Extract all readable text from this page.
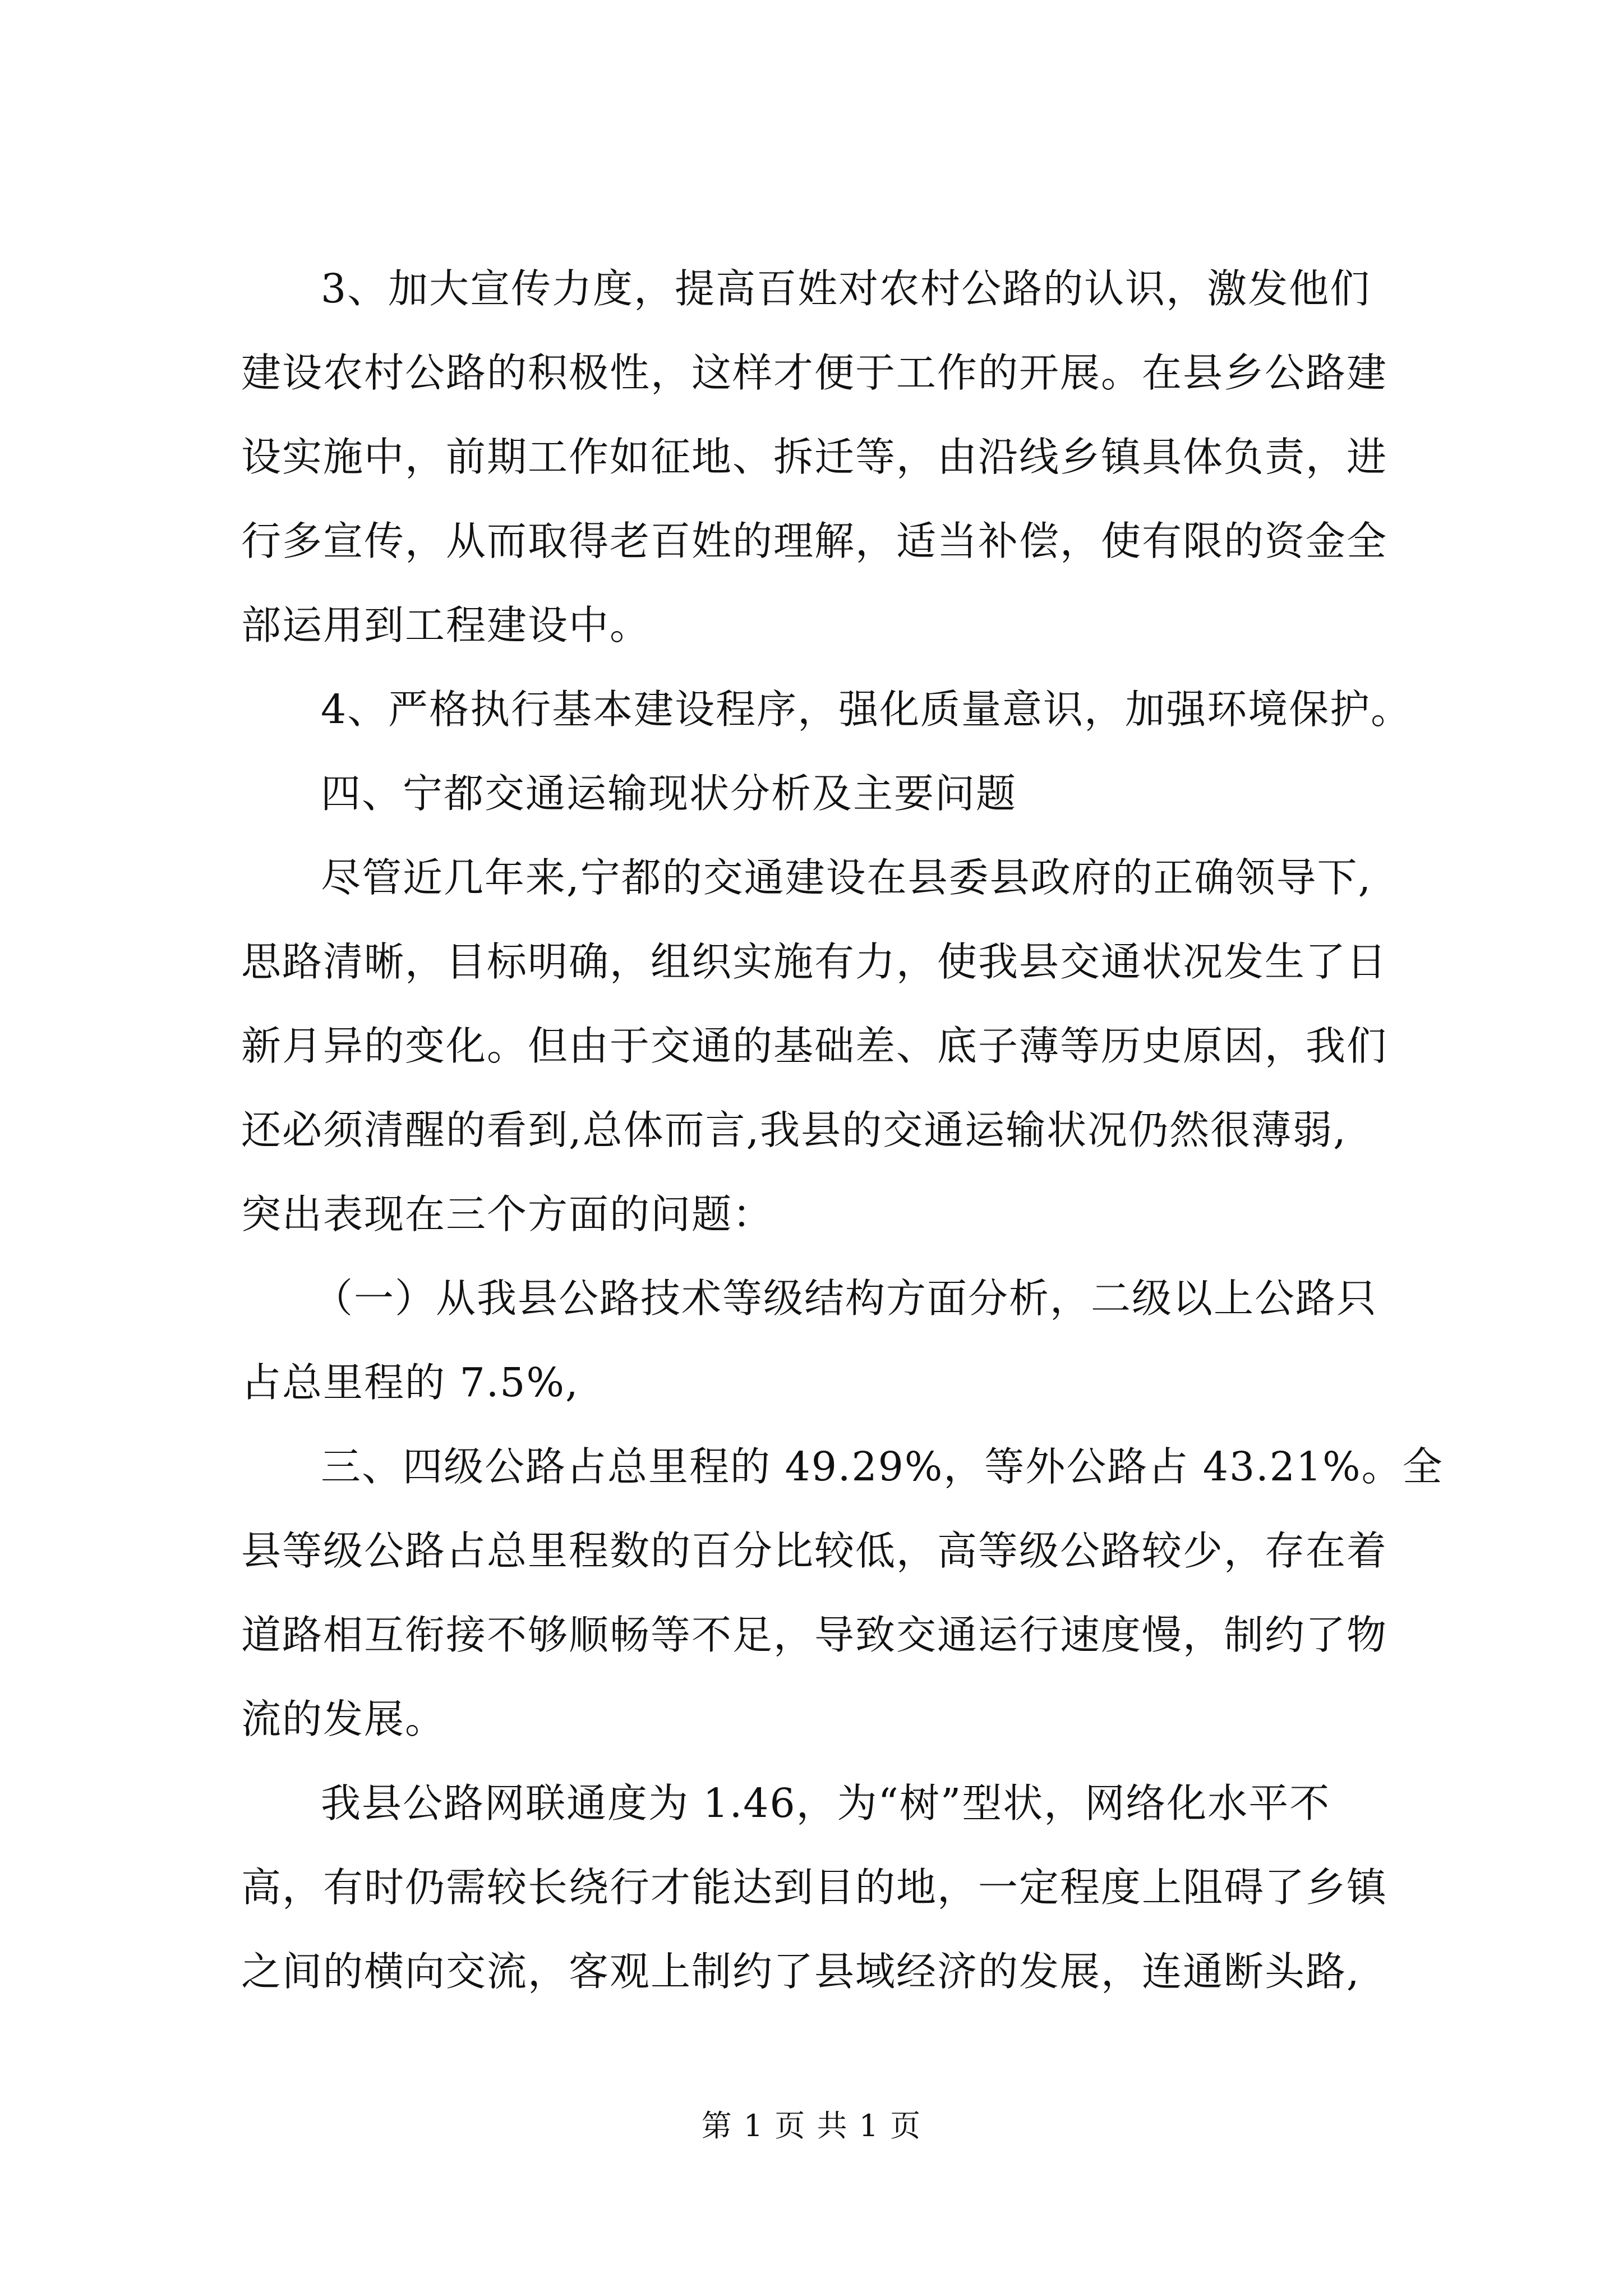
3、加大宣传力度，提高百姓对农村公路的认识，激发他们
建设农村公路的积极性，这样才便于工作的开展。在县乡公路建
设实施中，前期工作如征地、拆迁等，由沿线乡镇具体负责，进
行多宣传，从而取得老百姓的理解，适当补偿，使有限的资金全
部运用到工程建设中。
4、严格执行基本建设程序，强化质量意识，加强环境保护。
四、宁都交通运输现状分析及主要问题
尽管近几年来,宁都的交通建设在县委县政府的正确领导下,
思路清晰，目标明确，组织实施有力，使我县交通状况发生了日
新月异的变化。但由于交通的基础差、底子薄等历史原因，我们
还必须清醒的看到,总体而言,我县的交通运输状况仍然很薄弱,
突出表现在三个方面的问题：
（一）从我县公路技术等级结构方面分析，二级以上公路只
占总里程的 7.5%,
三、四级公路占总里程的 49.29%，等外公路占 43.21%。全
县等级公路占总里程数的百分比较低，高等级公路较少，存在着
道路相互衔接不够顺畅等不足，导致交通运行速度慢，制约了物
流的发展。
我县公路网联通度为 1.46，为“树”型状，网络化水平不
高，有时仍需较长绕行才能达到目的地，一定程度上阻碍了乡镇
之间的横向交流，客观上制约了县域经济的发展，连通断头路,
第 1 页 共 1 页
